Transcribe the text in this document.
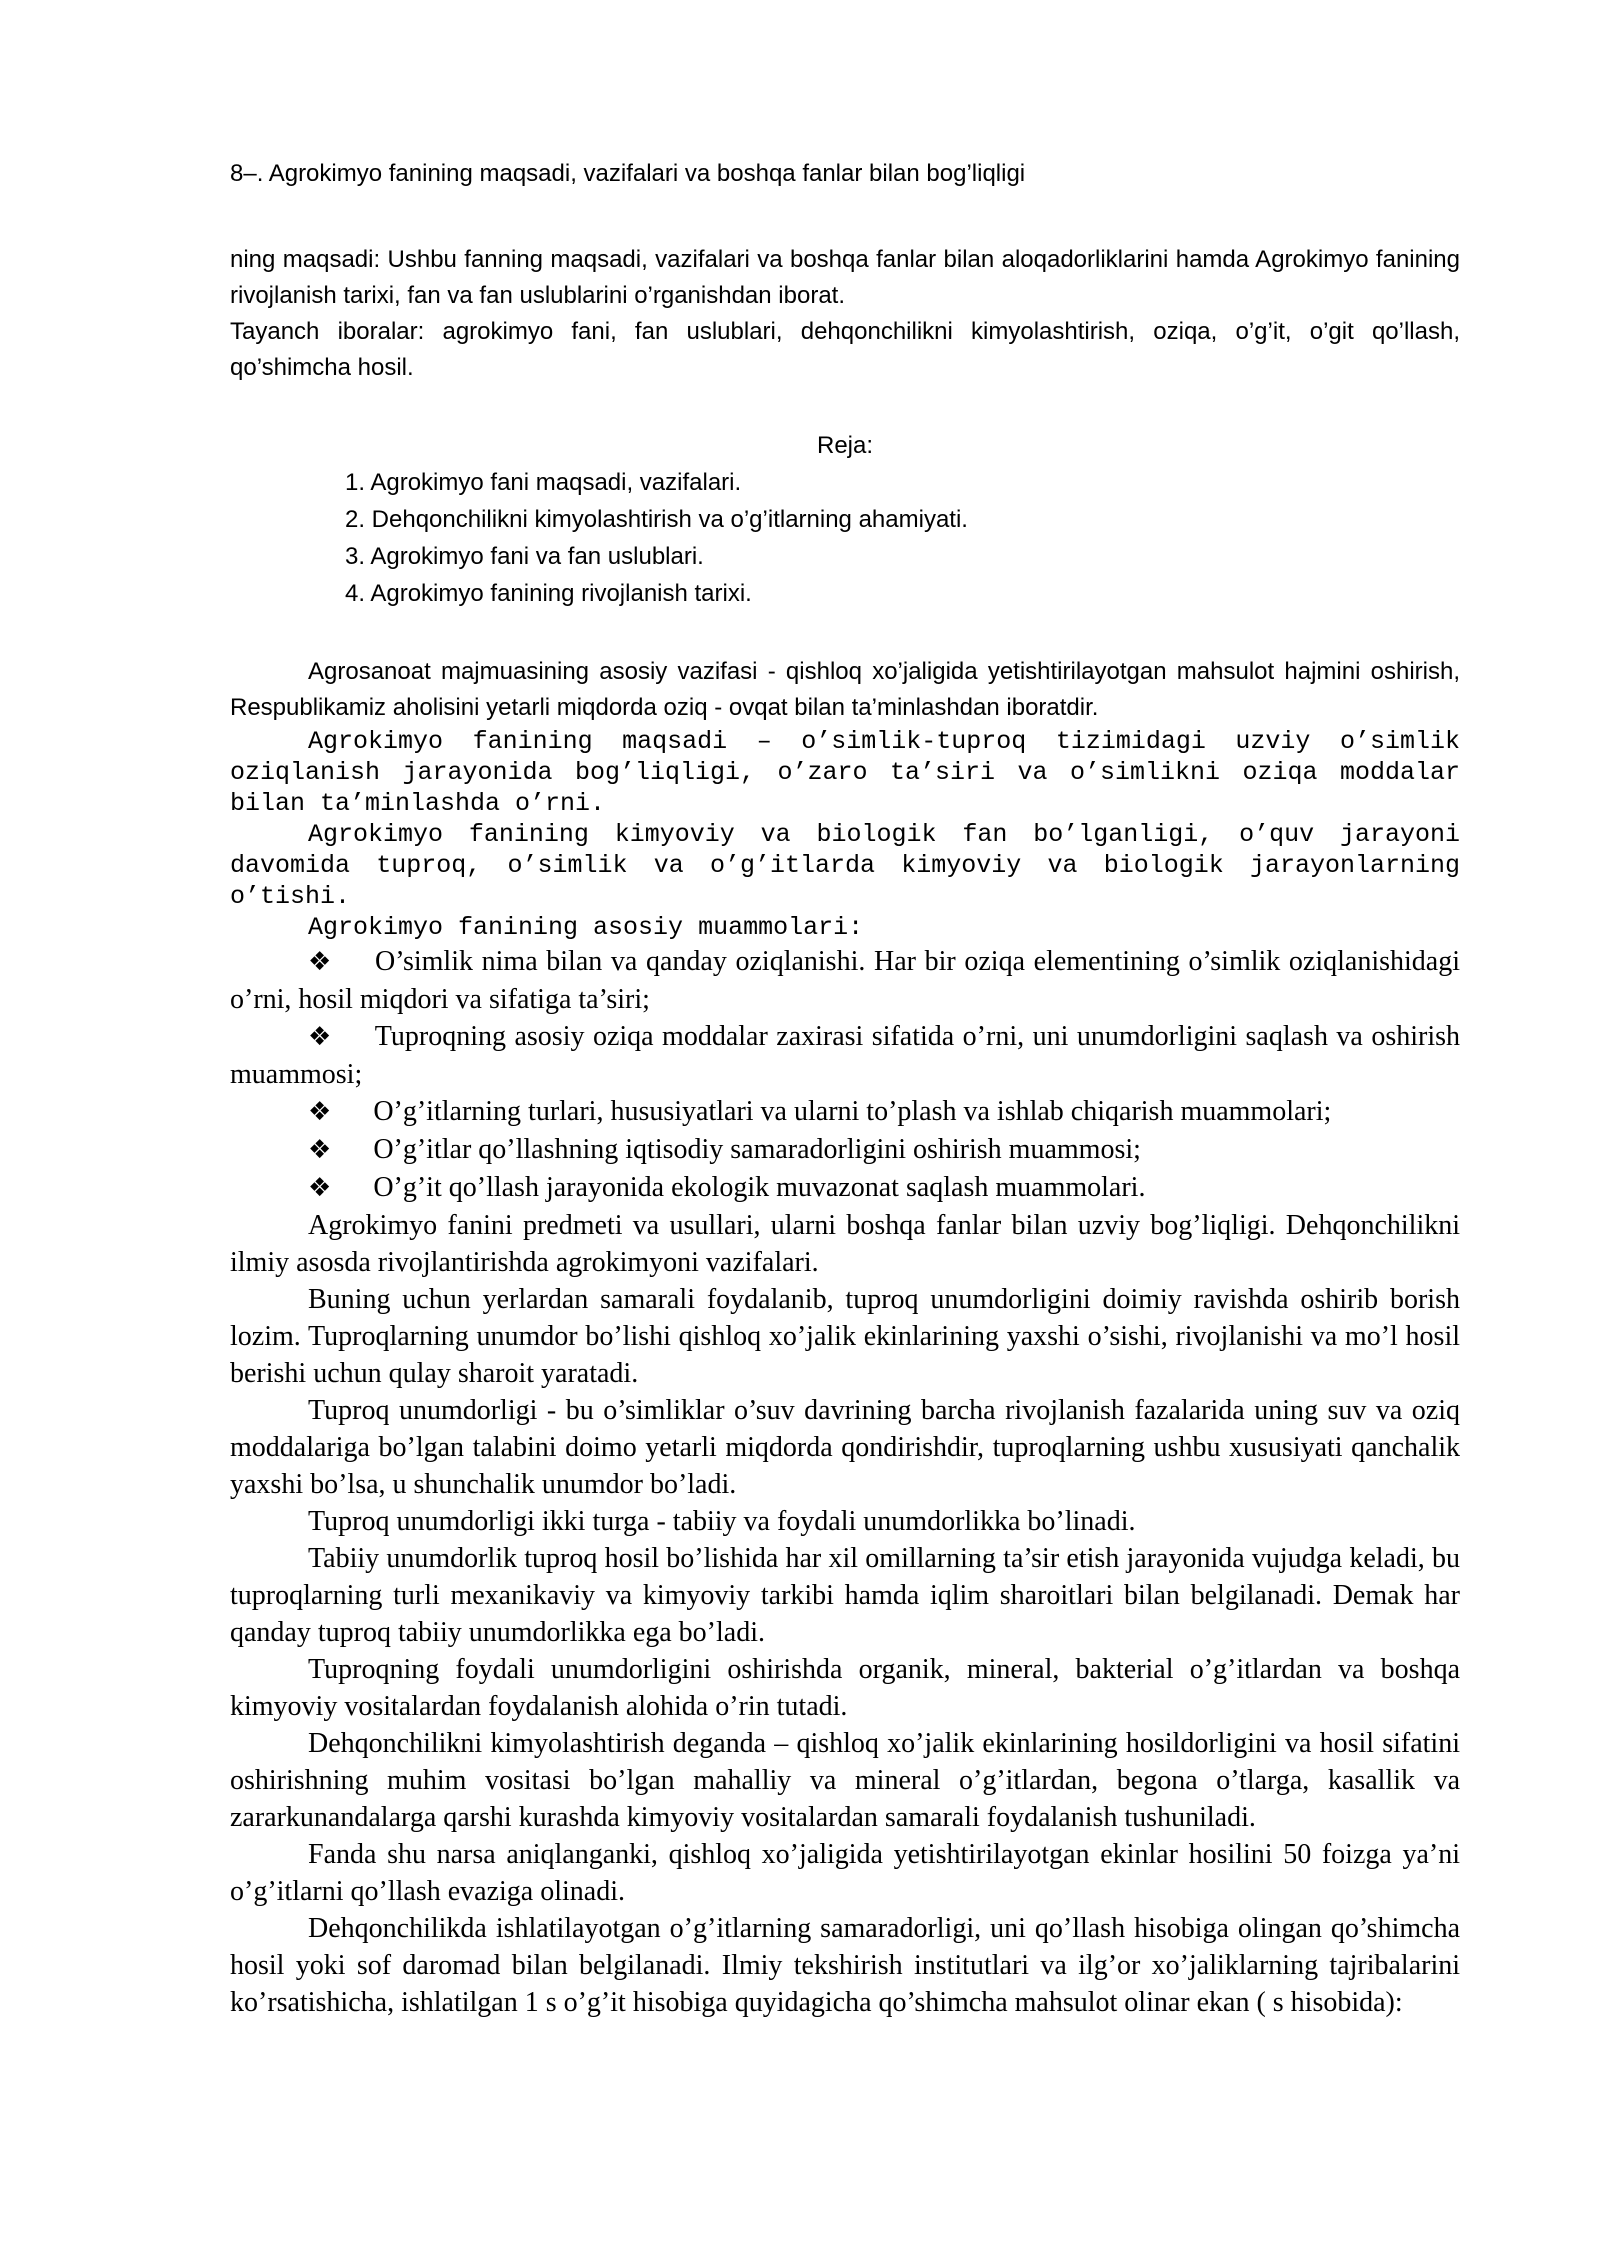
8–. Agrokimyo fanining maqsadi, vazifalari va boshqa fanlar bilan bog’liqligi

ning maqsadi: Ushbu fanning maqsadi, vazifalari va boshqa fanlar bilan aloqadorliklarini hamda Agrokimyo fanining rivojlanish tarixi, fan va fan uslublarini o’rganishdan iborat.

Tayanch iboralar: agrokimyo fani, fan uslublari, dehqonchilikni kimyolashtirish, oziqa, o’g’it, o’git qo’llash, qo’shimcha hosil.

Reja:
1. Agrokimyo fani maqsadi, vazifalari.
2. Dehqonchilikni kimyolashtirish va o’g’itlarning ahamiyati.
3. Agrokimyo fani va fan uslublari.
4. Agrokimyo fanining rivojlanish tarixi.

Agrosanoat majmuasining asosiy vazifasi - qishloq xo’jaligida yetishtirilayotgan mahsulot hajmini oshirish, Respublikamiz aholisini yetarli miqdorda oziq - ovqat bilan ta’minlashdan iboratdir.

Agrokimyo fanining maqsadi – o’simlik-tuproq tizimidagi uzviy o’simlik oziqlanish jarayonida bog’liqligi, o’zaro ta’siri va o’simlikni oziqa moddalar bilan ta’minlashda o’rni.

Agrokimyo fanining kimyoviy va biologik fan bo’lganligi, o’quv jarayoni davomida tuproq, o’simlik va o’g’itlarda kimyoviy va biologik jarayonlarning o’tishi.

Agrokimyo fanining asosiy muammolari:

❖ O’simlik nima bilan va qanday oziqlanishi. Har bir oziqa elementining o’simlik oziqlanishidagi o’rni, hosil miqdori va sifatiga ta’siri;
❖ Tuproqning asosiy oziqa moddalar zaxirasi sifatida o’rni, uni unumdorligini saqlash va oshirish muammosi;
❖ O’g’itlarning turlari, hususiyatlari va ularni to’plash va ishlab chiqarish muammolari;
❖ O’g’itlar qo’llashning iqtisodiy samaradorligini oshirish muammosi;
❖ O’g’it qo’llash jarayonida ekologik muvazonat saqlash muammolari.

Agrokimyo fanini predmeti va usullari, ularni boshqa fanlar bilan uzviy bog’liqligi. Dehqonchilikni ilmiy asosda rivojlantirishda agrokimyoni vazifalari.

Buning uchun yerlardan samarali foydalanib, tuproq unumdorligini doimiy ravishda oshirib borish lozim. Tuproqlarning unumdor bo’lishi qishloq xo’jalik ekinlarining yaxshi o’sishi, rivojlanishi va mo’l hosil berishi uchun qulay sharoit yaratadi.

Tuproq unumdorligi - bu o’simliklar o’suv davrining barcha rivojlanish fazalarida uning suv va oziq moddalariga bo’lgan talabini doimo yetarli miqdorda qondirishdir, tuproqlarning ushbu xususiyati qanchalik yaxshi bo’lsa, u shunchalik unumdor bo’ladi.

Tuproq unumdorligi ikki turga - tabiiy va foydali unumdorlikka bo’linadi.

Tabiiy unumdorlik tuproq hosil bo’lishida har xil omillarning ta’sir etish jarayonida vujudga keladi, bu tuproqlarning turli mexanikaviy va kimyoviy tarkibi hamda iqlim sharoitlari bilan belgilanadi. Demak har qanday tuproq tabiiy unumdorlikka ega bo’ladi.

Tuproqning foydali unumdorligini oshirishda organik, mineral, bakterial o’g’itlardan va boshqa kimyoviy vositalardan foydalanish alohida o’rin tutadi.

Dehqonchilikni kimyolashtirish deganda – qishloq xo’jalik ekinlarining hosildorligini va hosil sifatini oshirishning muhim vositasi bo’lgan mahalliy va mineral o’g’itlardan, begona o’tlarga, kasallik va zararkunandalarga qarshi kurashda kimyoviy vositalardan samarali foydalanish tushuniladi.

Fanda shu narsa aniqlanganki, qishloq xo’jaligida yetishtirilayotgan ekinlar hosilini 50 foizga ya’ni o’g’itlarni qo’llash evaziga olinadi.

Dehqonchilikda ishlatilayotgan o’g’itlarning samaradorligi, uni qo’llash hisobiga olingan qo’shimcha hosil yoki sof daromad bilan belgilanadi. Ilmiy tekshirish institutlari va ilg’or xo’jaliklarning tajribalarini ko’rsatishicha, ishlatilgan 1 s o’g’it hisobiga quyidagicha qo’shimcha mahsulot olinar ekan ( s hisobida):
